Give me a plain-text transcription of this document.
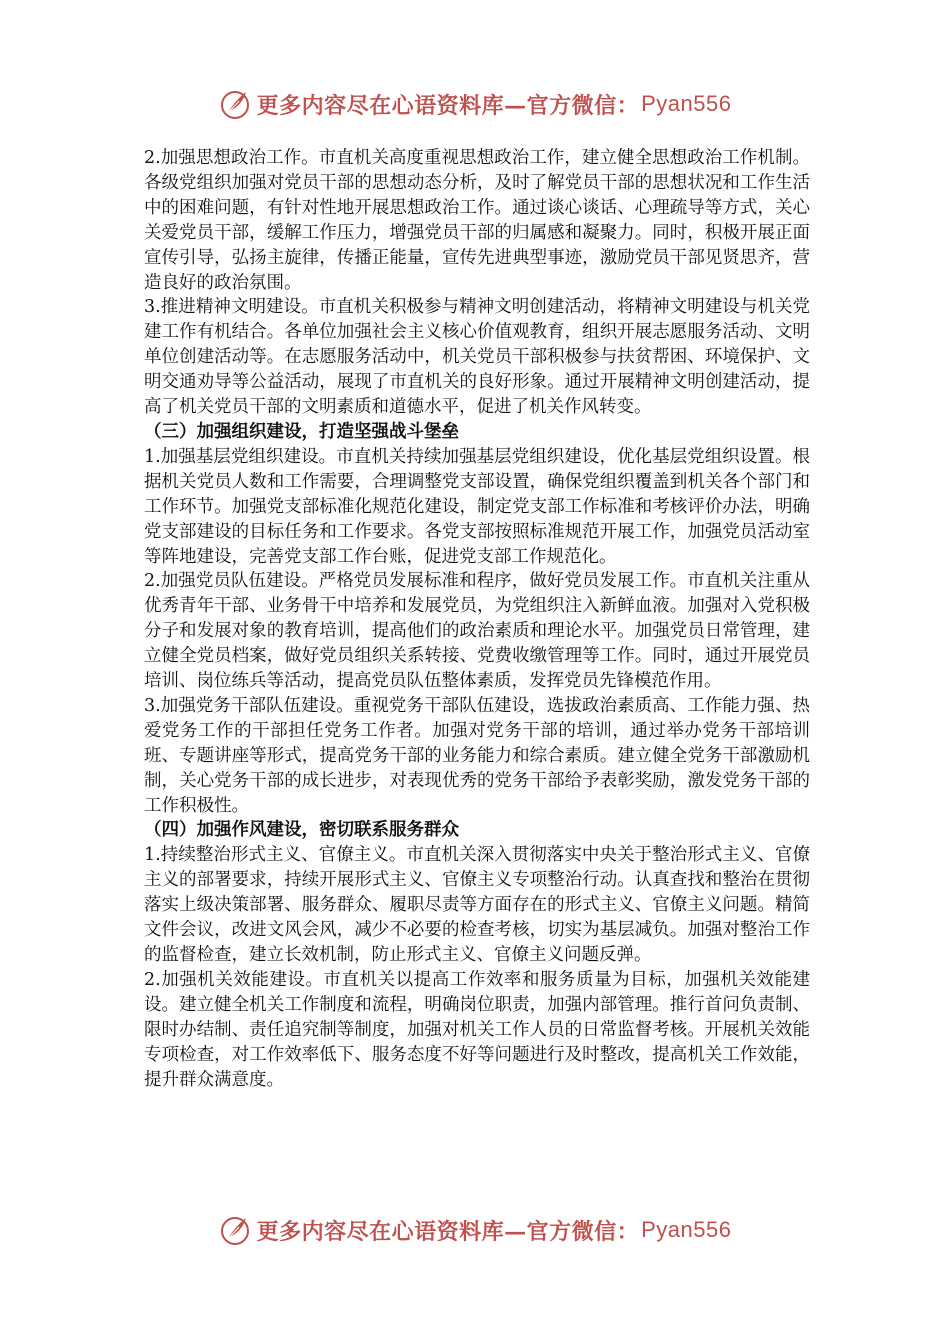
更多内容尽在心语资料库—官方微信： Pyan556

2.加强思想政治工作。市直机关高度重视思想政治工作，建立健全思想政治工作机制。各级党组织加强对党员干部的思想动态分析，及时了解党员干部的思想状况和工作生活中的困难问题，有针对性地开展思想政治工作。通过谈心谈话、心理疏导等方式，关心关爱党员干部，缓解工作压力，增强党员干部的归属感和凝聚力。同时，积极开展正面宣传引导，弘扬主旋律，传播正能量，宣传先进典型事迹，激励党员干部见贤思齐，营造良好的政治氛围。

3.推进精神文明建设。市直机关积极参与精神文明创建活动，将精神文明建设与机关党建工作有机结合。各单位加强社会主义核心价值观教育，组织开展志愿服务活动、文明单位创建活动等。在志愿服务活动中，机关党员干部积极参与扶贫帮困、环境保护、文明交通劝导等公益活动，展现了市直机关的良好形象。通过开展精神文明创建活动，提高了机关党员干部的文明素质和道德水平，促进了机关作风转变。

（三）加强组织建设，打造坚强战斗堡垒

1.加强基层党组织建设。市直机关持续加强基层党组织建设，优化基层党组织设置。根据机关党员人数和工作需要，合理调整党支部设置，确保党组织覆盖到机关各个部门和工作环节。加强党支部标准化规范化建设，制定党支部工作标准和考核评价办法，明确党支部建设的目标任务和工作要求。各党支部按照标准规范开展工作，加强党员活动室等阵地建设，完善党支部工作台账，促进党支部工作规范化。

2.加强党员队伍建设。严格党员发展标准和程序，做好党员发展工作。市直机关注重从优秀青年干部、业务骨干中培养和发展党员，为党组织注入新鲜血液。加强对入党积极分子和发展对象的教育培训，提高他们的政治素质和理论水平。加强党员日常管理，建立健全党员档案，做好党员组织关系转接、党费收缴管理等工作。同时，通过开展党员培训、岗位练兵等活动，提高党员队伍整体素质，发挥党员先锋模范作用。

3.加强党务干部队伍建设。重视党务干部队伍建设，选拔政治素质高、工作能力强、热爱党务工作的干部担任党务工作者。加强对党务干部的培训，通过举办党务干部培训班、专题讲座等形式，提高党务干部的业务能力和综合素质。建立健全党务干部激励机制，关心党务干部的成长进步，对表现优秀的党务干部给予表彰奖励，激发党务干部的工作积极性。

（四）加强作风建设，密切联系服务群众

1.持续整治形式主义、官僚主义。市直机关深入贯彻落实中央关于整治形式主义、官僚主义的部署要求，持续开展形式主义、官僚主义专项整治行动。认真查找和整治在贯彻落实上级决策部署、服务群众、履职尽责等方面存在的形式主义、官僚主义问题。精简文件会议，改进文风会风，减少不必要的检查考核，切实为基层减负。加强对整治工作的监督检查，建立长效机制，防止形式主义、官僚主义问题反弹。

2.加强机关效能建设。市直机关以提高工作效率和服务质量为目标，加强机关效能建设。建立健全机关工作制度和流程，明确岗位职责，加强内部管理。推行首问负责制、限时办结制、责任追究制等制度，加强对机关工作人员的日常监督考核。开展机关效能专项检查，对工作效率低下、服务态度不好等问题进行及时整改，提高机关工作效能，提升群众满意度。

更多内容尽在心语资料库—官方微信： Pyan556
